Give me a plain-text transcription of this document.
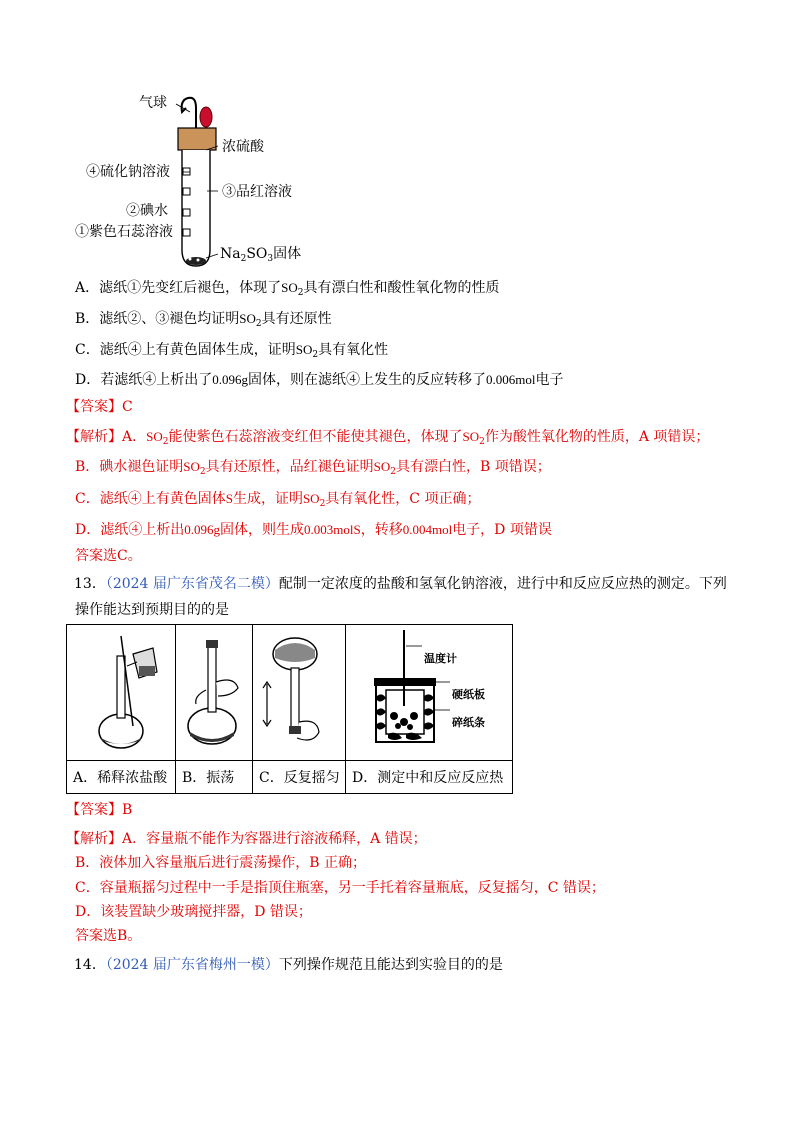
气球
浓硫酸
④硫化钠溶液
③品红溶液
②碘水
①紫色石蕊溶液
$Na_2SO_3$固体
A．滤纸①先变红后褪色，体现了$SO_2$具有漂白性和酸性氧化物的性质
B．滤纸②、③褪色均证明$SO_2$具有还原性
C．滤纸④上有黄色固体生成，证明$SO_2$具有氧化性
D．若滤纸④上析出了0.096g固体，则在滤纸④上发生的反应转移了0.006mol电子
【答案】C
【解析】A．$SO_2$能使紫色石蕊溶液变红但不能使其褪色，体现了$SO_2$作为酸性氧化物的性质，A 项错误；
B．碘水褪色证明$SO_2$具有还原性，品红褪色证明$SO_2$具有漂白性，B 项错误；
C．滤纸④上有黄色固体S生成，证明$SO_2$具有氧化性，C 项正确；
D．滤纸④上析出0.096g固体，则生成0.003molS，转移0.004mol电子，D 项错误
答案选C。
13．（2024 届广东省茂名二模）配制一定浓度的盐酸和氢氧化钠溶液，进行中和反应反应热的测定。下列
操作能达到预期目的的是

温度计
硬纸板
碎纸条

A．稀释浓盐酸	B．振荡	C．反复摇匀	D．测定中和反应反应热
【答案】B
【解析】A．容量瓶不能作为容器进行溶液稀释，A 错误；
B．液体加入容量瓶后进行震荡操作，B 正确；
C．容量瓶摇匀过程中一手是指顶住瓶塞，另一手托着容量瓶底，反复摇匀，C 错误；
D．该装置缺少玻璃搅拌器，D 错误；
答案选B。
14．（2024 届广东省梅州一模）下列操作规范且能达到实验目的的是
